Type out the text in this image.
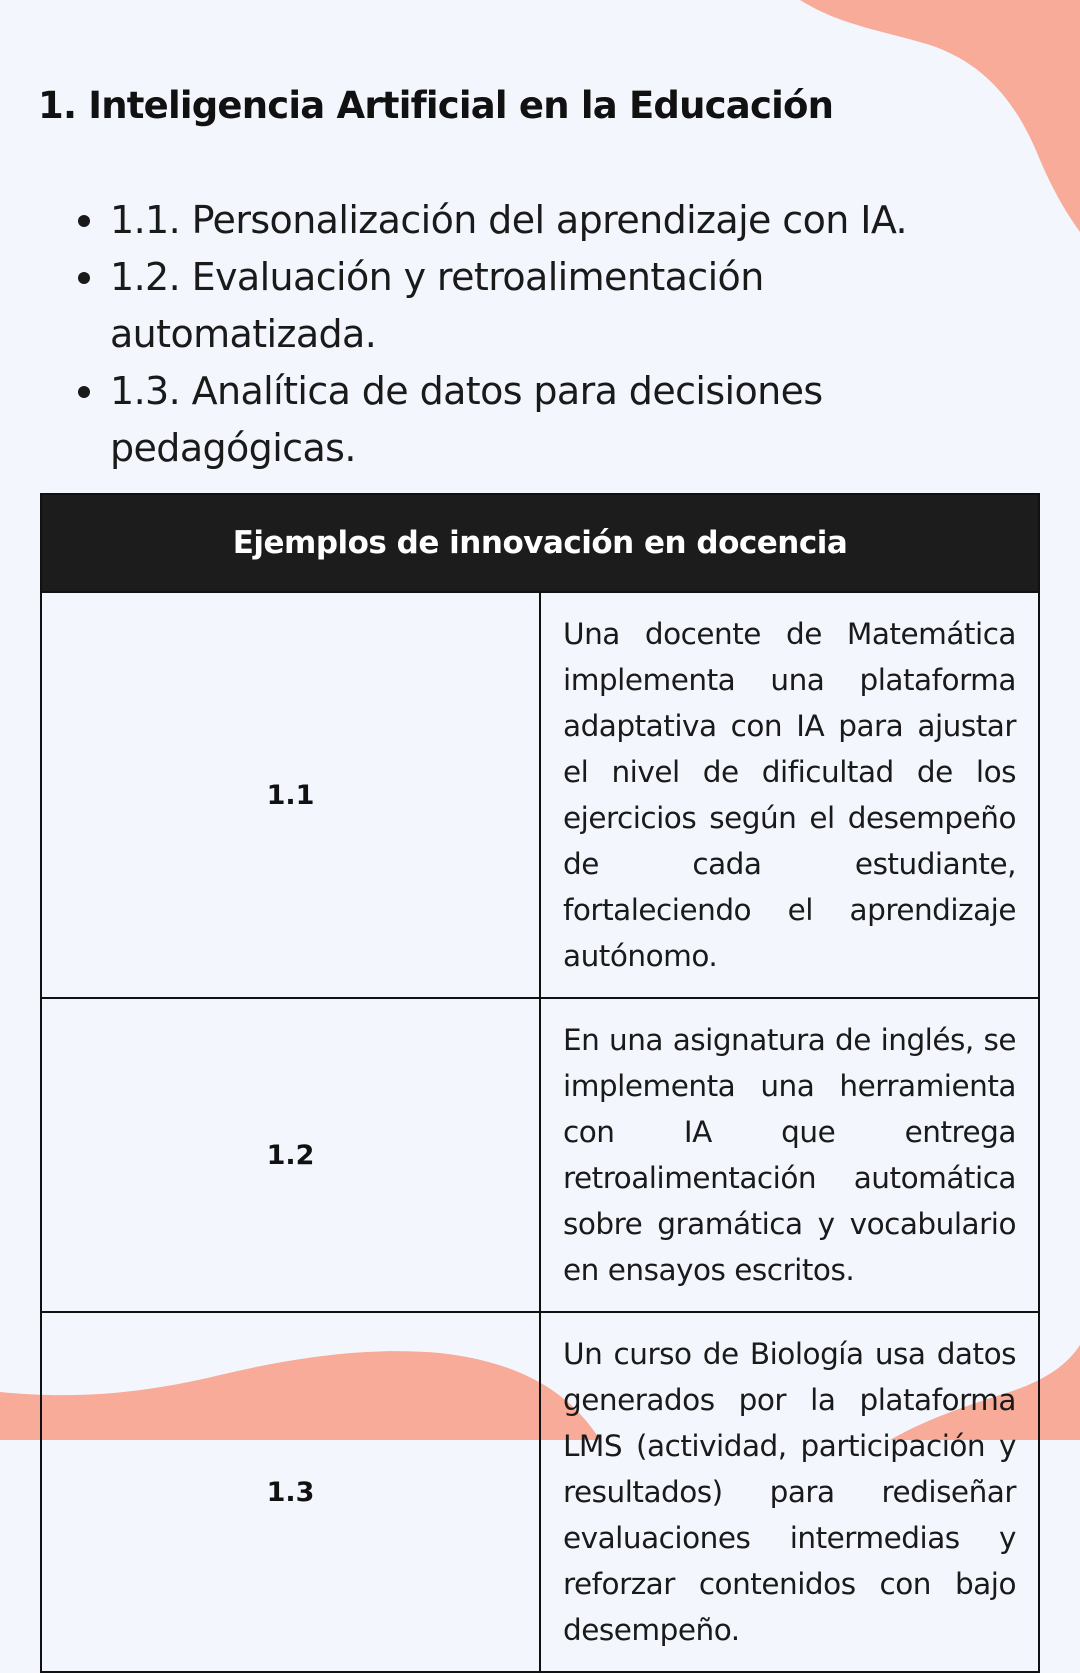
1. Inteligencia Artificial en la Educación
1.1. Personalización del aprendizaje con IA.
1.2. Evaluación y retroalimentación automatizada.
1.3. Analítica de datos para decisiones pedagógicas.
Ejemplos de innovación en docencia	
1.1	Una docente de Matemática implementa una plataforma adaptativa con IA para ajustar el nivel de dificultad de los ejercicios según el desempeño de cada estudiante, fortaleciendo el aprendizaje autónomo.
1.2	En una asignatura de inglés, se implementa una herramienta con IA que entrega retroalimentación automática sobre gramática y vocabulario en ensayos escritos.
1.3	Un curso de Biología usa datos generados por la plataforma LMS (actividad, participación y resultados) para rediseñar evaluaciones intermedias y reforzar contenidos con bajo desempeño.
